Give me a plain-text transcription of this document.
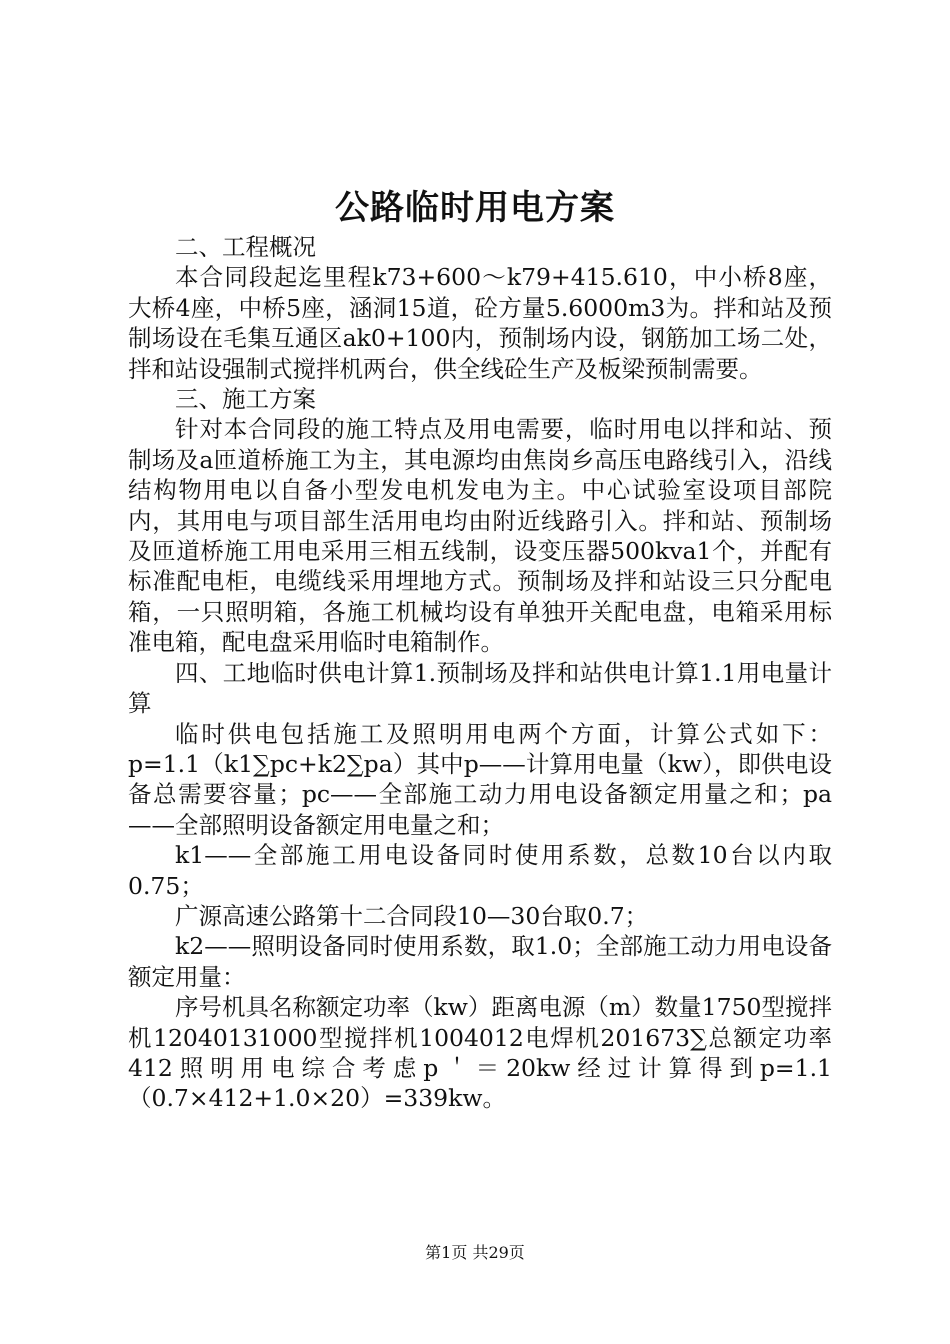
公路临时用电方案

二、工程概况

本合同段起迄里程k73+600～k79+415.610，中小桥8座，大桥4座，中桥5座，涵洞15道，砼方量5.6000m3为。拌和站及预制场设在毛集互通区ak0+100内，预制场内设，钢筋加工场二处，拌和站设强制式搅拌机两台，供全线砼生产及板梁预制需要。

三、施工方案

针对本合同段的施工特点及用电需要，临时用电以拌和站、预制场及a匝道桥施工为主，其电源均由焦岗乡高压电路线引入，沿线结构物用电以自备小型发电机发电为主。中心试验室设项目部院内，其用电与项目部生活用电均由附近线路引入。拌和站、预制场及匝道桥施工用电采用三相五线制，设变压器500kva1个，并配有标准配电柜，电缆线采用埋地方式。预制场及拌和站设三只分配电箱，一只照明箱，各施工机械均设有单独开关配电盘，电箱采用标准电箱，配电盘采用临时电箱制作。

四、工地临时供电计算1.预制场及拌和站供电计算1.1用电量计算

临时供电包括施工及照明用电两个方面，计算公式如下：p=1.1（k1∑pc+k2∑pa）其中p——计算用电量（kw），即供电设备总需要容量；pc——全部施工动力用电设备额定用量之和；pa——全部照明设备额定用电量之和；

k1——全部施工用电设备同时使用系数，总数10台以内取0.75；

广源高速公路第十二合同段10—30台取0.7；

k2——照明设备同时使用系数，取1.0；全部施工动力用电设备额定用量：

序号机具名称额定功率（kw）距离电源（m）数量1750型搅拌机12040131000型搅拌机1004012电焊机201673∑总额定功率412照明用电综合考虑p＇＝20kw经过计算得到p=1.1（0.7×412+1.0×20）=339kw。

第1页 共29页
